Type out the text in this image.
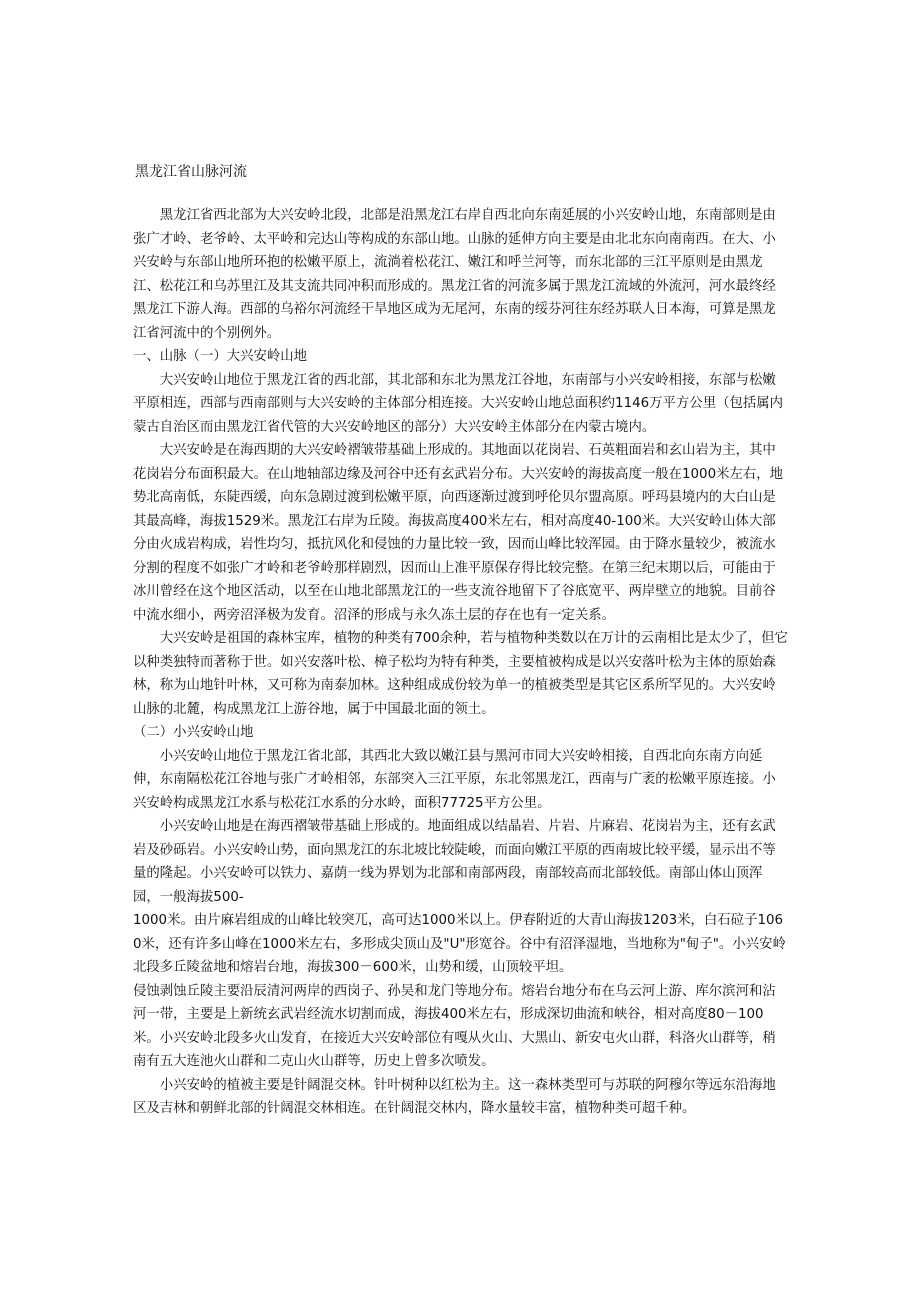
黑龙江省山脉河流

黑龙江省西北部为大兴安岭北段，北部是沿黑龙江右岸自西北向东南延展的小兴安岭山地，东南部则是由张广才岭、老爷岭、太平岭和完达山等构成的东部山地。山脉的延伸方向主要是由北北东向南南西。在大、小兴安岭与东部山地所环抱的松嫩平原上，流淌着松花江、嫩江和呼兰河等，而东北部的三江平原则是由黑龙江、松花江和乌苏里江及其支流共同冲积而形成的。黑龙江省的河流多属于黑龙江流域的外流河，河水最终经黑龙江下游人海。西部的乌裕尔河流经干旱地区成为无尾河，东南的绥芬河往东经苏联人日本海，可算是黑龙江省河流中的个别例外。

一、山脉（一）大兴安岭山地

大兴安岭山地位于黑龙江省的西北部，其北部和东北为黑龙江谷地，东南部与小兴安岭相接，东部与松嫩平原相连，西部与西南部则与大兴安岭的主体部分相连接。大兴安岭山地总面积约1146万平方公里（包括属内蒙古自治区而由黑龙江省代管的大兴安岭地区的部分）大兴安岭主体部分在内蒙古境内。

大兴安岭是在海西期的大兴安岭褶皱带基础上形成的。其地面以花岗岩、石英粗面岩和玄山岩为主，其中花岗岩分布面积最大。在山地轴部边缘及河谷中还有玄武岩分布。大兴安岭的海拔高度一般在1000米左右，地势北高南低，东陡西缓，向东急剧过渡到松嫩平原，向西逐渐过渡到呼伦贝尔盟高原。呼玛县境内的大白山是其最高峰，海拔1529米。黑龙江右岸为丘陵。海拔高度400米左右，相对高度40-100米。大兴安岭山体大部分由火成岩构成，岩性均匀，抵抗风化和侵蚀的力量比较一致，因而山峰比较浑园。由于降水量较少，被流水分割的程度不如张广才岭和老爷岭那样剧烈，因而山上准平原保存得比较完整。在第三纪末期以后，可能由于冰川曾经在这个地区活动，以至在山地北部黑龙江的一些支流谷地留下了谷底宽平、两岸壁立的地貌。目前谷中流水细小，两旁沼泽极为发育。沼泽的形成与永久冻土层的存在也有一定关系。

大兴安岭是祖国的森林宝库，植物的种类有700余种，若与植物种类数以在万计的云南相比是太少了，但它以种类独特而著称于世。如兴安落叶松、樟子松均为特有种类，主要植被构成是以兴安落叶松为主体的原始森林，称为山地针叶林，又可称为南泰加林。这种组成成份较为单一的植被类型是其它区系所罕见的。大兴安岭山脉的北麓，构成黑龙江上游谷地，属于中国最北面的领土。

（二）小兴安岭山地

小兴安岭山地位于黑龙江省北部，其西北大致以嫩江县与黑河市同大兴安岭相接，自西北向东南方向延伸，东南隔松花江谷地与张广才岭相邻，东部突入三江平原，东北邻黑龙江，西南与广袤的松嫩平原连接。小兴安岭构成黑龙江水系与松花江水系的分水岭，面积77725平方公里。

小兴安岭山地是在海西褶皱带基础上形成的。地面组成以结晶岩、片岩、片麻岩、花岗岩为主，还有玄武岩及砂砾岩。小兴安岭山势，面向黑龙江的东北坡比较陡峻，而面向嫩江平原的西南坡比较平缓，显示出不等量的隆起。小兴安岭可以铁力、嘉荫一线为界划为北部和南部两段，南部较高而北部较低。南部山体山顶浑园，一般海拔500-

1000米。由片麻岩组成的山峰比较突兀，高可达1000米以上。伊春附近的大青山海拔1203米，白石砬子1060米，还有许多山峰在1000米左右，多形成尖顶山及"U"形宽谷。谷中有沼泽湿地，当地称为"甸子"。小兴安岭北段多丘陵盆地和熔岩台地，海拔300－600米，山势和缓，山顶较平坦。

侵蚀剥蚀丘陵主要沿辰清河两岸的西岗子、孙吴和龙门等地分布。熔岩台地分布在乌云河上游、库尔滨河和沾河一带，主要是上新统玄武岩经流水切割而成，海拔400米左右，形成深切曲流和峡谷，相对高度80－100米。小兴安岭北段多火山发育，在接近大兴安岭部位有嘎从火山、大黑山、新安屯火山群，科洛火山群等，稍南有五大连池火山群和二克山火山群等，历史上曾多次喷发。

小兴安岭的植被主要是针阔混交林。针叶树种以红松为主。这一森林类型可与苏联的阿穆尔等远东沿海地区及吉林和朝鲜北部的针阔混交林相连。在针阔混交林内，降水量较丰富，植物种类可超千种。
